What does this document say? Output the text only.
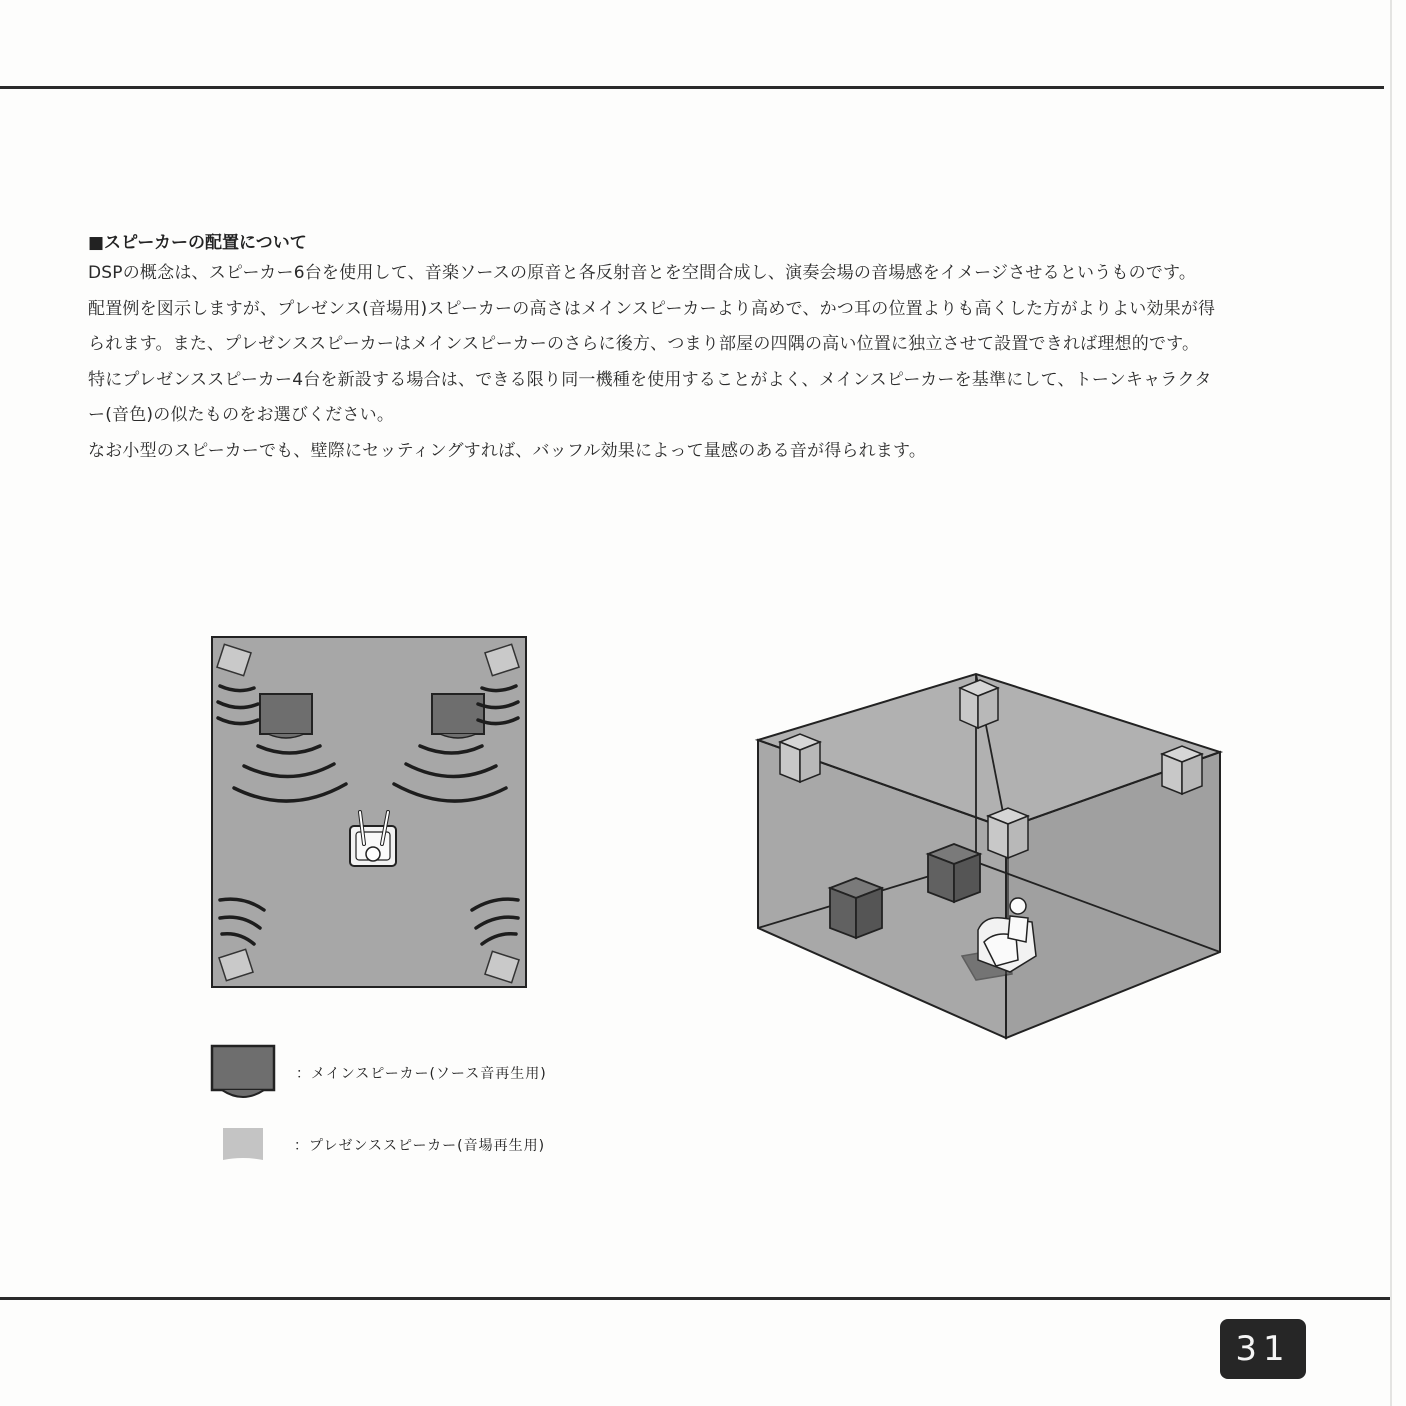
■スピーカーの配置について

DSPの概念は、スピーカー6台を使用して、音楽ソースの原音と各反射音とを空間合成し、演奏会場の音場感をイメージさせるというものです。

配置例を図示しますが、プレゼンス(音場用)スピーカーの高さはメインスピーカーより高めで、かつ耳の位置よりも高くした方がよりよい効果が得

られます。また、プレゼンススピーカーはメインスピーカーのさらに後方、つまり部屋の四隅の高い位置に独立させて設置できれば理想的です。

特にプレゼンススピーカー4台を新設する場合は、できる限り同一機種を使用することがよく、メインスピーカーを基準にして、トーンキャラクタ

ー(音色)の似たものをお選びください。

なお小型のスピーカーでも、壁際にセッティングすれば、バッフル効果によって量感のある音が得られます。

：メインスピーカー(ソース音再生用)
：プレゼンススピーカー(音場再生用)
31
